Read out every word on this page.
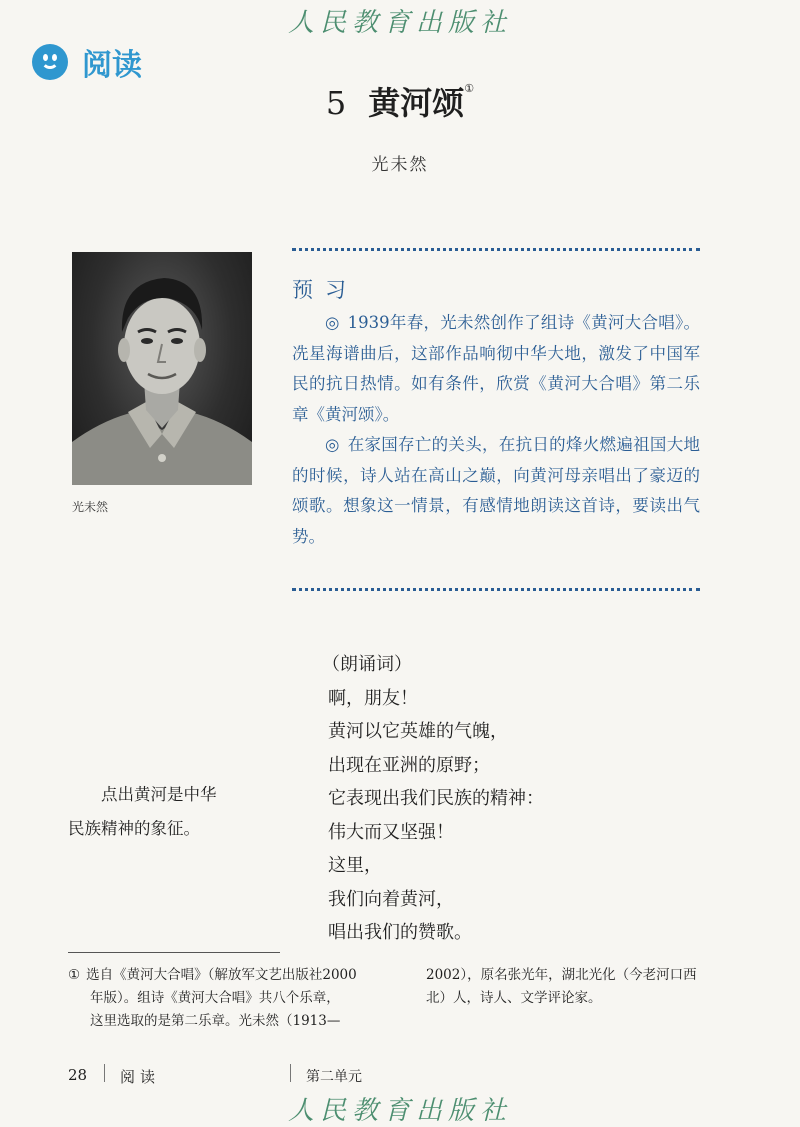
人民教育出版社
阅读
5 黄河颂①
光未然
光未然
预习

◎ 1939年春，光未然创作了组诗《黄河大合唱》。冼星海谱曲后，这部作品响彻中华大地，激发了中国军民的抗日热情。如有条件，欣赏《黄河大合唱》第二乐章《黄河颂》。

◎ 在家国存亡的关头，在抗日的烽火燃遍祖国大地的时候，诗人站在高山之巅，向黄河母亲唱出了豪迈的颂歌。想象这一情景，有感情地朗读这首诗，要读出气势。

（朗诵词）
啊，朋友！
黄河以它英雄的气魄，
出现在亚洲的原野；
它表现出我们民族的精神：
伟大而又坚强！
这里，
我们向着黄河，
唱出我们的赞歌。
点出黄河是中华
民族精神的象征。
① 选自《黄河大合唱》（解放军文艺出版社2000
年版）。组诗《黄河大合唱》共八个乐章，
这里选取的是第二乐章。光未然（1913—
2002），原名张光年，湖北光化（今老河口西
北）人，诗人、文学评论家。
28 阅读	第二单元
人民教育出版社
